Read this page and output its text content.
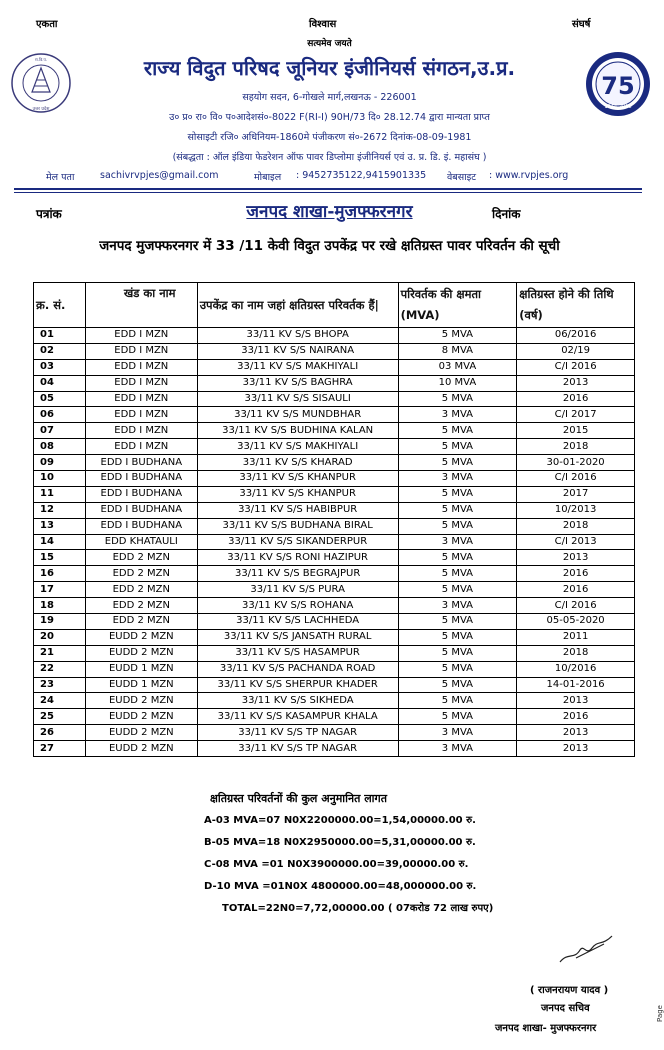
एकता	विश्वास	संघर्ष
सत्यमेव जयते
रा.वि.प.
उत्तर प्रदेश
75
1944-2018
राज्य विदुत परिषद जूनियर इंजीनियर्स संगठन,उ.प्र.
सहयोग सदन, 6-गोखले मार्ग,लखनऊ - 226001
उ० प्र० रा० वि० प०आदेशसं०-8022 F(RI-I) 90H/73 दि० 28.12.74 द्वारा मान्यता प्राप्त
सोसाइटी रजि० अधिनियम-1860मे पंजीकरण सं०-2672 दिनांक-08-09-1981
(संबद्धता : ऑल इंडिया फेडरेशन ऑफ पावर डिप्लोमा इंजीनियर्स एवं उ. प्र. डि. इं. महासंघ )
मेल पता	sachivrvpjes@gmail.com	मोबाइल : 9452735122,9415901335 वेबसाइट : www.rvpjes.org
पत्रांक	जनपद शाखा-मुजफ्फरनगर	दिनांक
जनपद मुजफ्फरनगर में 33 /11 केवी विदुत उपकेंद्र पर रखे क्षतिग्रस्त पावर परिवर्तन की सूची
क्र. सं.	खंड का नाम	उपकेंद्र का नाम जहां क्षतिग्रस्त परिवर्तक हैं|	परिवर्तक की क्षमता (MVA)	क्षतिग्रस्त होने की तिथि (वर्ष)
01	EDD I MZN	33/11 KV S/S BHOPA	5 MVA	06/2016
02	EDD I MZN	33/11 KV S/S NAIRANA	8 MVA	02/19
03	EDD I MZN	33/11 KV S/S MAKHIYALI	03 MVA	C/I 2016
04	EDD I MZN	33/11 KV S/S BAGHRA	10 MVA	2013
05	EDD I MZN	33/11 KV S/S SISAULI	5 MVA	2016
06	EDD I MZN	33/11 KV S/S MUNDBHAR	3 MVA	C/I 2017
07	EDD I MZN	33/11 KV S/S BUDHINA KALAN	5 MVA	2015
08	EDD I MZN	33/11 KV S/S MAKHIYALI	5 MVA	2018
09	EDD I BUDHANA	33/11 KV S/S KHARAD	5 MVA	30-01-2020
10	EDD I BUDHANA	33/11 KV S/S KHANPUR	3 MVA	C/I 2016
11	EDD I BUDHANA	33/11 KV S/S KHANPUR	5 MVA	2017
12	EDD I BUDHANA	33/11 KV S/S HABIBPUR	5 MVA	10/2013
13	EDD I BUDHANA	33/11 KV S/S BUDHANA BIRAL	5 MVA	2018
14	EDD KHATAULI	33/11 KV S/S SIKANDERPUR	3 MVA	C/I 2013
15	EDD 2 MZN	33/11 KV S/S RONI HAZIPUR	5 MVA	2013
16	EDD 2 MZN	33/11 KV S/S BEGRAJPUR	5 MVA	2016
17	EDD 2 MZN	33/11 KV S/S PURA	5 MVA	2016
18	EDD 2 MZN	33/11 KV S/S ROHANA	3 MVA	C/I 2016
19	EDD 2 MZN	33/11 KV S/S LACHHEDA	5 MVA	05-05-2020
20	EUDD 2 MZN	33/11 KV S/S JANSATH RURAL	5 MVA	2011
21	EUDD 2 MZN	33/11 KV S/S HASAMPUR	5 MVA	2018
22	EUDD 1 MZN	33/11 KV S/S PACHANDA ROAD	5 MVA	10/2016
23	EUDD 1 MZN	33/11 KV S/S SHERPUR KHADER	5 MVA	14-01-2016
24	EUDD 2 MZN	33/11 KV S/S SIKHEDA	5 MVA	2013
25	EUDD 2 MZN	33/11 KV S/S KASAMPUR KHALA	5 MVA	2016
26	EUDD 2 MZN	33/11 KV S/S TP NAGAR	3 MVA	2013
27	EUDD 2 MZN	33/11 KV S/S TP NAGAR	3 MVA	2013
क्षतिग्रस्त परिवर्तनों की कुल अनुमानित लागत
A-03 MVA=07 N0X2200000.00=1,54,00000.00 रु.
B-05 MVA=18 N0X2950000.00=5,31,00000.00 रु.
C-08 MVA =01 N0X3900000.00=39,00000.00 रु.
D-10 MVA =01N0X 4800000.00=48,000000.00 रु.
TOTAL=22N0=7,72,00000.00 ( 07करोड 72 लाख रुपए)
( राजनरायण यादव )
जनपद सचिव
जनपद शाखा- मुजफ्फरनगर
Page
